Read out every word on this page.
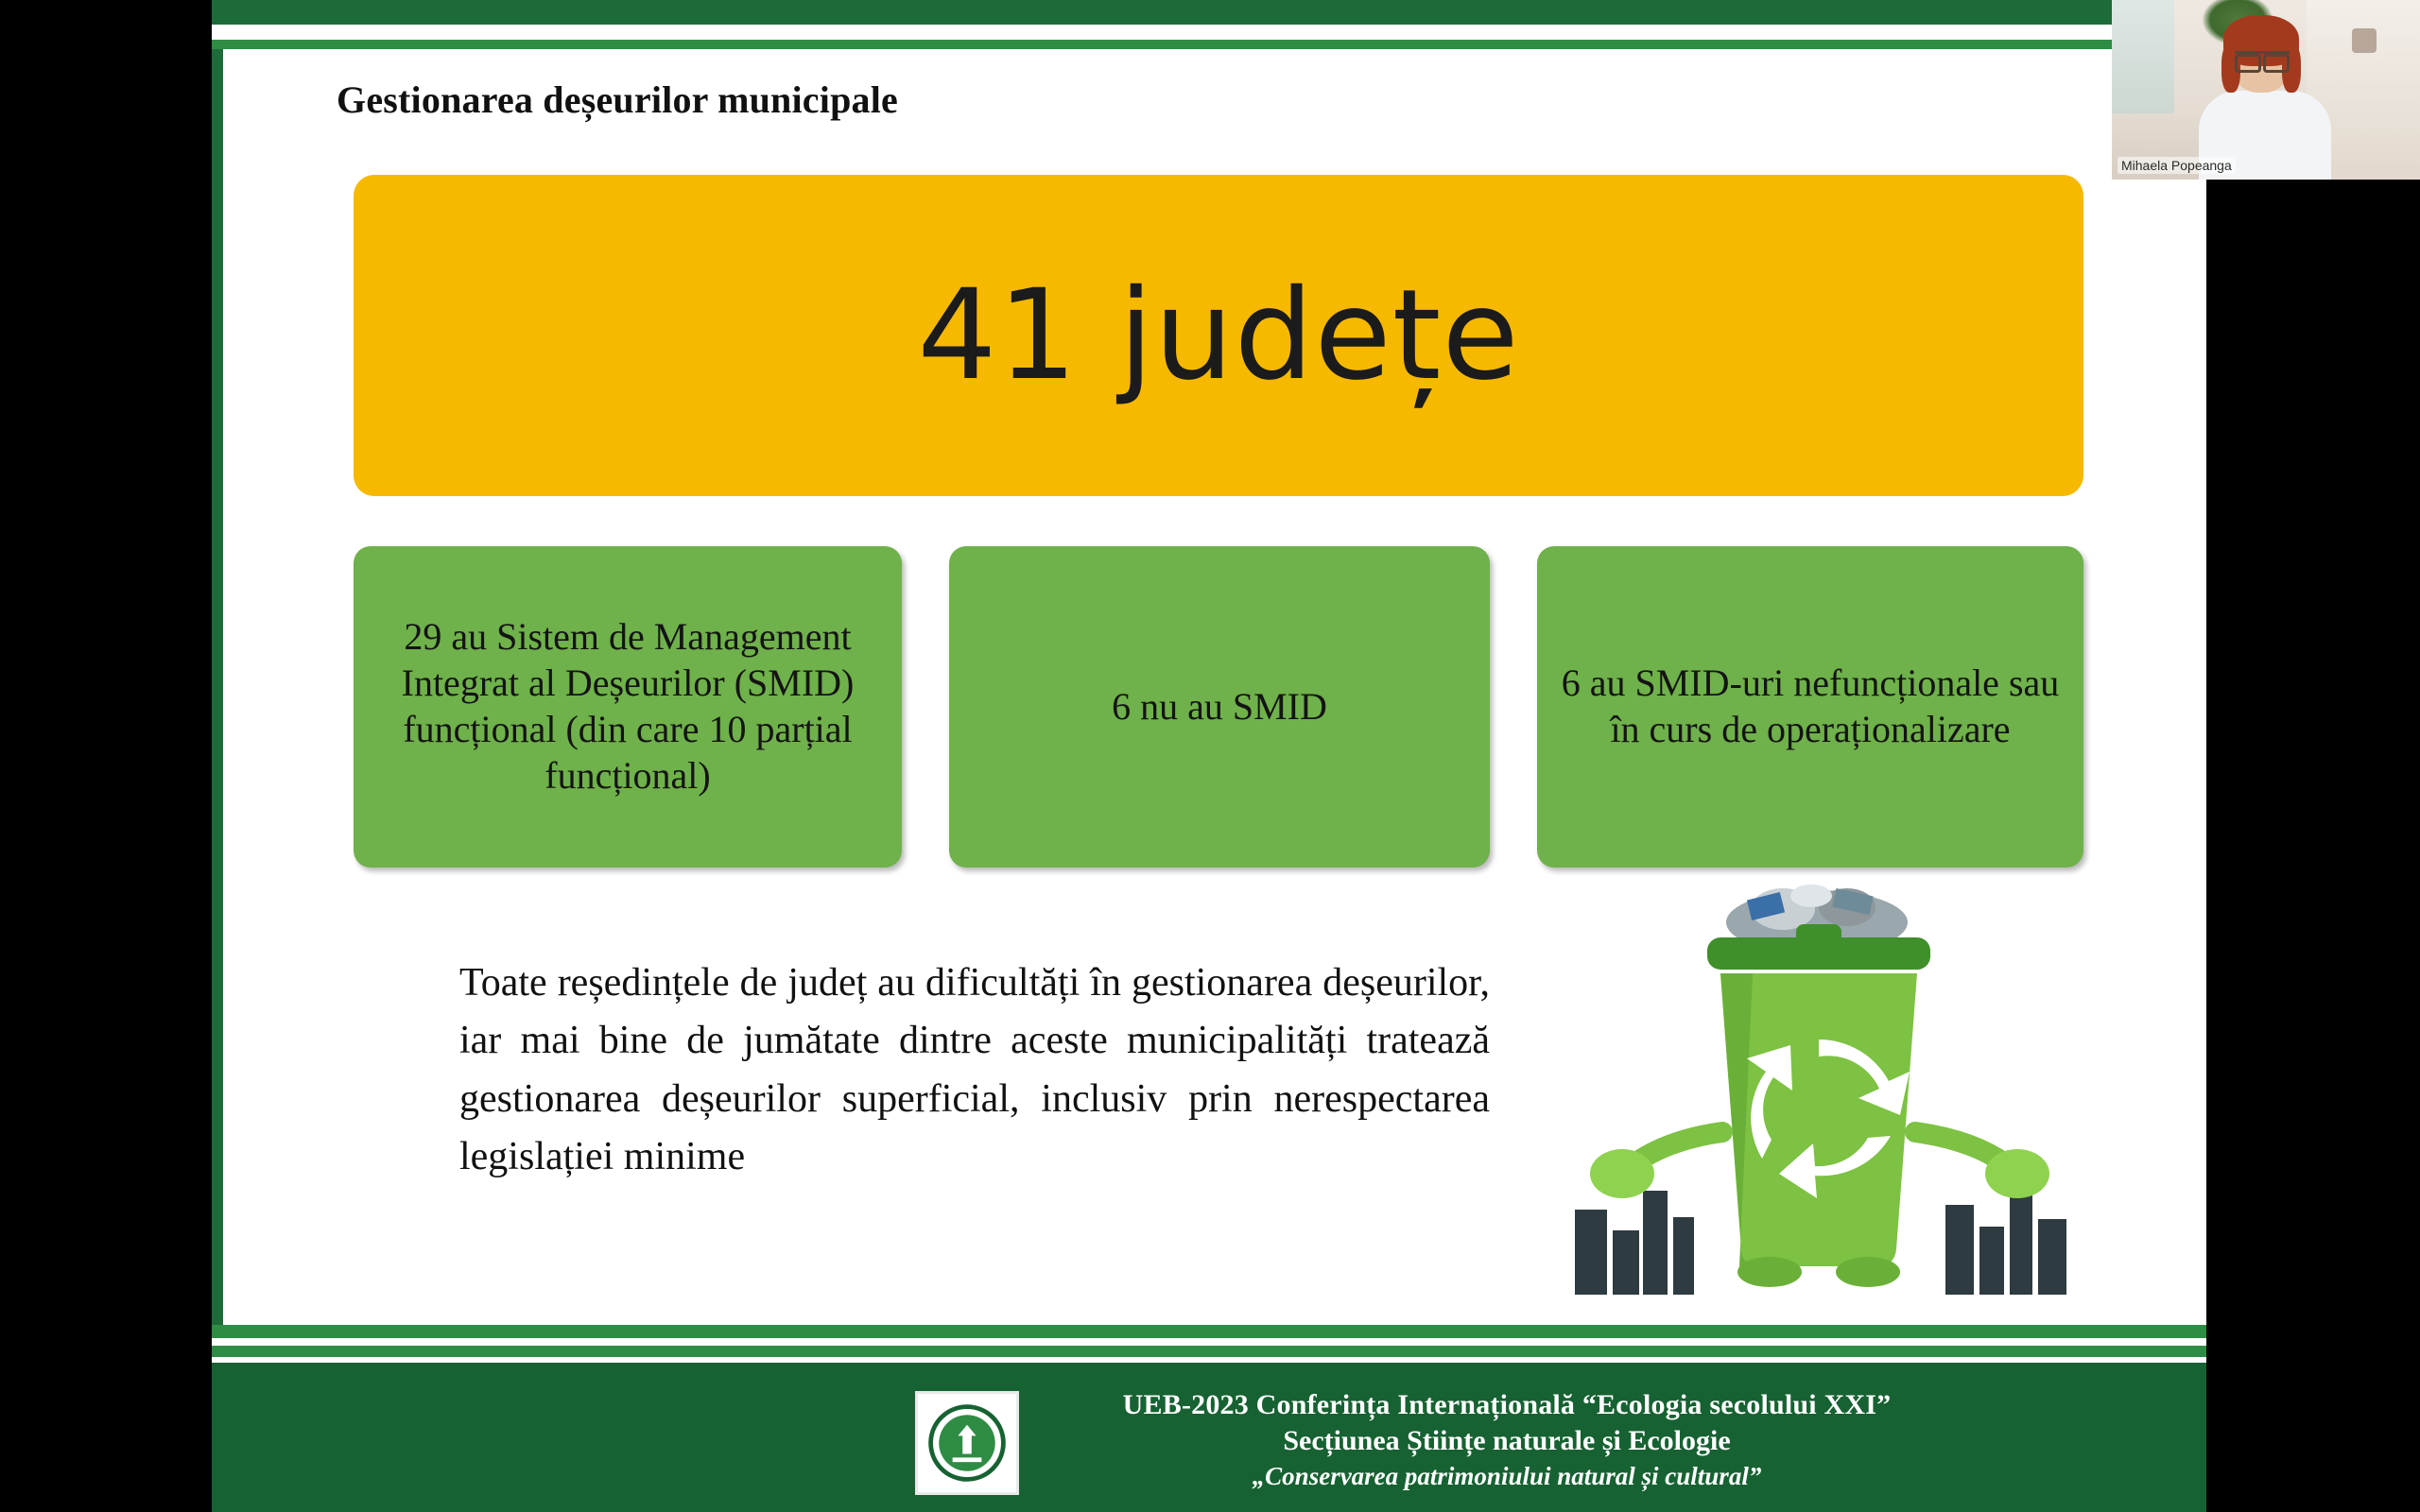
Gestionarea deșeurilor municipale
41 județe
29 au Sistem de Management Integrat al Deșeurilor (SMID) funcțional (din care 10 parțial funcțional)
6 nu au SMID
6 au SMID-uri nefuncționale sau în curs de operaționalizare
Toate reședințele de județ au dificultăți în gestionarea deșeurilor, iar mai bine de jumătate dintre aceste municipalități tratează gestionarea deșeurilor superficial, inclusiv prin nerespectarea legislației minime
UEB-2023 Conferința Internațională “Ecologia secolului XXI”
Secțiunea Științe naturale și Ecologie
„Conservarea patrimoniului natural și cultural”
Mihaela Popeanga
